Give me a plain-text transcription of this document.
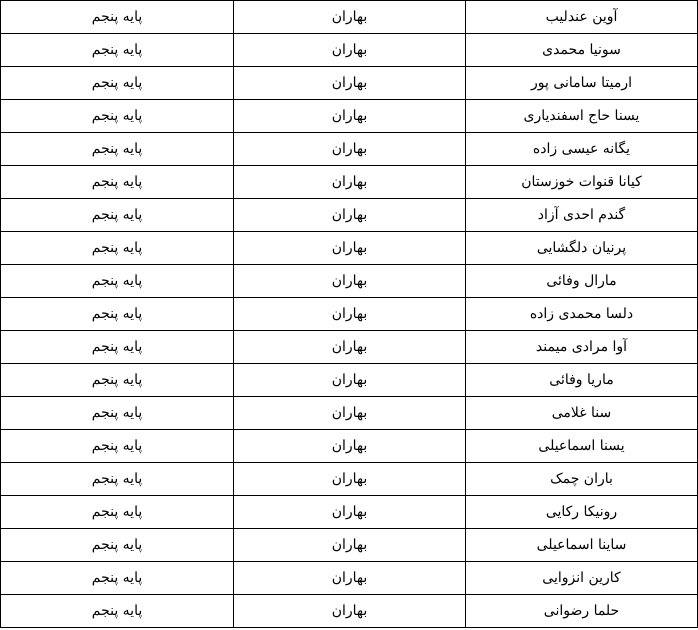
آوین عندلیب	بهاران	پایه پنجم
سونیا محمدی	بهاران	پایه پنجم
ارمیتا سامانی پور	بهاران	پایه پنجم
یسنا حاج اسفندیاری	بهاران	پایه پنجم
یگانه عیسی زاده	بهاران	پایه پنجم
کیانا قنوات خوزستان	بهاران	پایه پنجم
گندم احدی آزاد	بهاران	پایه پنجم
پرنیان دلگشایی	بهاران	پایه پنجم
مارال وفائی	بهاران	پایه پنجم
دلسا محمدی زاده	بهاران	پایه پنجم
آوا مرادی میمند	بهاران	پایه پنجم
ماریا وفائی	بهاران	پایه پنجم
سنا غلامی	بهاران	پایه پنجم
یسنا اسماعیلی	بهاران	پایه پنجم
باران چمک	بهاران	پایه پنجم
رونیکا رکایی	بهاران	پایه پنجم
ساینا اسماعیلی	بهاران	پایه پنجم
کارین انزوایی	بهاران	پایه پنجم
حلما رضوانی	بهاران	پایه پنجم
